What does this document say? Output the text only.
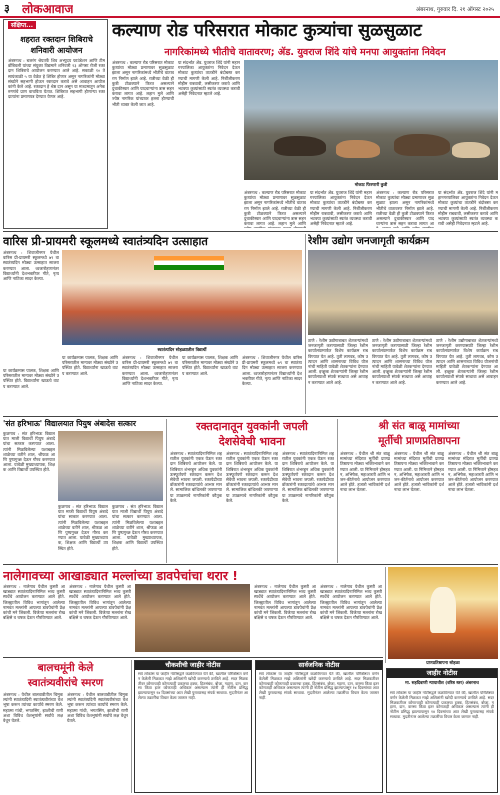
३ लोकआवाज	अंबरनाथ, गुरुवार दि. २१ ऑगस्ट २०२५
संक्षिप्त...
शहरात रक्तदान शिबिराचे
शनिवारी आयोजन
अंबरनाथ : बजरंग श्रेयतर्फे शिव अभ्युदय फाउंडेशन आणि टीम डोंबिवली यांच्या संयुक्त विद्यमाने शनिवारी २३ ऑगस्ट रोजी रक्तदान शिबिराचे आयोजन करण्यात आले आहे. सकाळी १० ते सायंकाळी ५ या वेळेत हे शिबिर होणार असून नागरिकांनी मोठ्या संख्येने सहभागी होऊन रक्तदान करावे असे आवाहन आयोजकांनी केले आहे. रक्तदान हे श्रेष्ठ दान असून या माध्यमातून अनेक रुग्णांचे प्राण वाचविता येतात. शिबिरात सहभागी होणाऱ्या रक्तदात्यांना प्रमाणपत्र देण्यात येणार आहे.
कल्याण रोड परिसरात मोकाट कुत्र्यांचा सुळसुळाट
नागरिकांमध्ये भीतीचे वातावरण; ॲड. युवराज शिंदे यांचे मनपा आयुक्तांना निवेदन
अंबरनाथ : कल्याण रोड परिसरात मोकाट कुत्र्यांचा मोठ्या प्रमाणावर सुळसुळाट झाला असून नागरिकांमध्ये भीतीचे वातावरण निर्माण झाले आहे. रात्रीच्या वेळी ही कुत्री टोळक्याने फिरत असल्याने दुचाकीस्वार आणि पादचाऱ्यांना त्रास सहन करावा लागत आहे. लहान मुले आणि ज्येष्ठ नागरिक यांच्यावर हल्ला होण्याची भीती व्यक्त केली जात आहे.
या संदर्भात ॲड. युवराज शिंदे यांनी महानगरपालिका आयुक्तांना निवेदन देऊन मोकाट कुत्र्यांचा तातडीने बंदोबस्त करण्याची मागणी केली आहे. निर्बीजीकरण मोहीम राबवावी, लसीकरण करावे आणि भटक्या कुत्र्यांसाठी स्वतंत्र व्यवस्था करावी असेही निवेदनात म्हटले आहे.
मोकाट फिरणारी कुत्री
अंबरनाथ : कल्याण रोड परिसरात मोकाट कुत्र्यांचा मोठ्या प्रमाणावर सुळसुळाट झाला असून नागरिकांमध्ये भीतीचे वातावरण निर्माण झाले आहे. रात्रीच्या वेळी ही कुत्री टोळक्याने फिरत असल्याने दुचाकीस्वार आणि पादचाऱ्यांना त्रास सहन करावा लागत आहे. लहान मुले आणि
या संदर्भात ॲड. युवराज शिंदे यांनी महानगरपालिका आयुक्तांना निवेदन देऊन मोकाट कुत्र्यांचा तातडीने बंदोबस्त करण्याची मागणी केली आहे. निर्बीजीकरण मोहीम राबवावी, लसीकरण करावे आणि भटक्या कुत्र्यांसाठी स्वतंत्र व्यवस्था करावी असेही निवेदनात म्हटले आहे.
अंबरनाथ : कल्याण रोड परिसरात मोकाट कुत्र्यांचा मोठ्या प्रमाणावर सुळसुळाट झाला असून नागरिकांमध्ये भीतीचे वातावरण निर्माण झाले आहे. रात्रीच्या वेळी ही कुत्री टोळक्याने फिरत असल्याने दुचाकीस्वार आणि पादचाऱ्यांना त्रास सहन करावा लागत आ
या संदर्भात ॲड. युवराज शिंदे यांनी महानगरपालिका आयुक्तांना निवेदन देऊन मोकाट कुत्र्यांचा तातडीने बंदोबस्त करण्याची मागणी केली आहे. निर्बीजीकरण मोहीम राबवावी, लसीकरण करावे आणि भटक्या कुत्र्यांसाठी स्वतंत्र व्यवस्था करावी असेही निवेदनात म्हटले आहे.
वारिस प्री-प्रायमरी स्कूलमध्ये स्वातंत्र्यदिन उत्साहात
अंबरनाथ : शिवाजीनगर येथील वारिस प्री-प्रायमरी स्कूलमध्ये ७९ वा स्वातंत्र्यदिन मोठ्या उत्साहात साजरा करण्यात आला. ध्वजारोहणानंतर विद्यार्थ्यांनी देशभक्तीपर गीते, नृत्य आणि नाटिका सादर केल्या.
स्वातंत्र्यदिन सोहळ्यातील विद्यार्थी
या कार्यक्रमास पालक, शिक्षक आणि परिसरातील मान्यवर मोठ्या संख्येने उपस्थित होते. विद्यार्थ्यांना खाऊचे वाटप करण्यात आले.
अंबरनाथ : शिवाजीनगर येथील वारिस प्री-प्रायमरी स्कूलमध्ये ७९ वा स्वातंत्र्यदिन मोठ्या उत्साहात साजरा करण्यात आला. ध्वजारोहणानंतर विद्यार्थ्यांनी देशभक्तीपर गीते, नृत्य आणि नाटिका सादर केल्या.
या कार्यक्रमास पालक, शिक्षक आणि परिसरातील मान्यवर मोठ्या संख्येने उपस्थित होते. विद्यार्थ्यांना खाऊचे वाटप करण्यात आले.
अंबरनाथ : शिवाजीनगर येथील वारिस प्री-प्रायमरी स्कूलमध्ये ७९ वा स्वातंत्र्यदिन मोठ्या उत्साहात साजरा करण्यात आला. ध्वजारोहणानंतर विद्यार्थ्यांनी देशभक्तीपर गीते, नृत्य आणि नाटिका सादर केल्या.
या कार्यक्रमास पालक, शिक्षक आणि परिसरातील मान्यवर मोठ्या संख्येने उपस्थित होते. विद्यार्थ्यांना खाऊचे वाटप करण्यात आले.
रेशीम उद्योग जनजागृती कार्यक्रम
ठाणे : रेशीम उद्योगाबाबत शेतकऱ्यांमध्ये जनजागृती करण्यासाठी जिल्हा रेशीम कार्यालयामार्फत विशेष कार्यक्रम राबविण्यात येत आहे. तुती लागवड, कोष उत्पादन आणि शासनाच्या विविध योजनांची माहिती यावेळी शेतकऱ्यांना देण्यात आली. इच्छुक शेतकऱ्यांनी जिल्हा रेशीम कार्यालयाशी संपर्क साधावा असे आवाहन करण्यात आले आहे.
ठाणे : रेशीम उद्योगाबाबत शेतकऱ्यांमध्ये जनजागृती करण्यासाठी जिल्हा रेशीम कार्यालयामार्फत विशेष कार्यक्रम राबविण्यात येत आहे. तुती लागवड, कोष उत्पादन आणि शासनाच्या विविध योजनांची माहिती यावेळी शेतकऱ्यांना देण्यात आली. इच्छुक शेतकऱ्यांनी जिल्हा रेशीम कार्यालयाशी संपर्क साधावा असे आवाहन करण्यात आले आहे.
ठाणे : रेशीम उद्योगाबाबत शेतकऱ्यांमध्ये जनजागृती करण्यासाठी जिल्हा रेशीम कार्यालयामार्फत विशेष कार्यक्रम राबविण्यात येत आहे. तुती लागवड, कोष उत्पादन आणि शासनाच्या विविध योजनांची माहिती यावेळी शेतकऱ्यांना देण्यात आली. इच्छुक शेतकऱ्यांनी जिल्हा रेशीम कार्यालयाशी संपर्क साधावा असे आवाहन करण्यात आले आहे.
'संत हरिभाऊ' विद्यालयात पियुष अंबादेस सत्कार
कुळगाव : संत हरिभाऊ विद्यालयात माजी विद्यार्थी पियुष अंबादे यांचा सत्कार करण्यात आला. त्यांनी मिळविलेल्या यशाबद्दल शाळेच्या वतीने शाल, श्रीफळ आणि पुष्पगुच्छ देऊन गौरव करण्यात आला. यावेळी मुख्याध्यापक, शिक्षक आणि विद्यार्थी उपस्थित होते.
कुळगाव : संत हरिभाऊ विद्यालयात माजी विद्यार्थी पियुष अंबादे यांचा सत्कार करण्यात आला. त्यांनी मिळविलेल्या यशाबद्दल शाळेच्या वतीने शाल, श्रीफळ आणि पुष्पगुच्छ देऊन गौरव करण्यात आला. यावेळी मुख्याध्यापक, शिक्षक आणि विद्यार्थी उपस्थित होते.
कुळगाव : संत हरिभाऊ विद्यालयात माजी विद्यार्थी पियुष अंबादे यांचा सत्कार करण्यात आला. त्यांनी मिळविलेल्या यशाबद्दल शाळेच्या वतीने शाल, श्रीफळ आणि पुष्पगुच्छ देऊन गौरव करण्यात आला. यावेळी मुख्याध्यापक, शिक्षक आणि विद्यार्थी उपस्थित होते.
रक्तदानातून युवकांनी जपली
देशसेवेची भावना
अंबरनाथ : स्वातंत्र्यदिनानिमित्त शहरातील युवकांनी एकत्र येऊन रक्तदान शिबिराचे आयोजन केले. या शिबिरात शंभरहून अधिक युवकांनी उत्स्फूर्तपणे रक्तदान करून देशसेवेची भावना जपली. रक्तपेढीच्या डॉक्टरांनी रक्तदात्यांचे आभार मानले. सामाजिक बांधिलकी जपणाऱ्या या उपक्रमाचे नागरिकांनी कौतुक केले.
अंबरनाथ : स्वातंत्र्यदिनानिमित्त शहरातील युवकांनी एकत्र येऊन रक्तदान शिबिराचे आयोजन केले. या शिबिरात शंभरहून अधिक युवकांनी उत्स्फूर्तपणे रक्तदान करून देशसेवेची भावना जपली. रक्तपेढीच्या डॉक्टरांनी रक्तदात्यांचे आभार मानले. सामाजिक बांधिलकी जपणाऱ्या या उपक्रमाचे नागरिकांनी कौतुक केले.
अंबरनाथ : स्वातंत्र्यदिनानिमित्त शहरातील युवकांनी एकत्र येऊन रक्तदान शिबिराचे आयोजन केले. या शिबिरात शंभरहून अधिक युवकांनी उत्स्फूर्तपणे रक्तदान करून देशसेवेची भावना जपली. रक्तपेढीच्या डॉक्टरांनी रक्तदात्यांचे आभार मानले. सामाजिक बांधिलकी जपणाऱ्या या उपक्रमाचे नागरिकांनी कौतुक केले.
श्री संत बाळू मामांच्या
मूर्तीची प्राणप्रतिष्ठापना
अंबरनाथ : येथील श्री संत बाळू मामांच्या मंदिरात मूर्तीची प्राणप्रतिष्ठापना मोठ्या भक्तिभावाने करण्यात आली. या निमित्ताने होमहवन, अभिषेक, महाआरती आणि भजन-कीर्तनाचे आयोजन करण्यात आले होते. हजारो भाविकांनी दर्शनाचा लाभ घेतला.
अंबरनाथ : येथील श्री संत बाळू मामांच्या मंदिरात मूर्तीची प्राणप्रतिष्ठापना मोठ्या भक्तिभावाने करण्यात आली. या निमित्ताने होमहवन, अभिषेक, महाआरती आणि भजन-कीर्तनाचे आयोजन करण्यात आले होते. हजारो भाविकांनी दर्शनाचा लाभ घेतला.
अंबरनाथ : येथील श्री संत बाळू मामांच्या मंदिरात मूर्तीची प्राणप्रतिष्ठापना मोठ्या भक्तिभावाने करण्यात आली. या निमित्ताने होमहवन, अभिषेक, महाआरती आणि भजन-कीर्तनाचे आयोजन करण्यात आले होते. हजारो भाविकांनी दर्शनाचा लाभ घेतला.
नालेगावच्या आखाड्यात मल्लांच्या डावपेचांचा थरार !
अंबरनाथ : नालेगाव येथील कुस्ती आखाड्यात स्वातंत्र्यदिनानिमित्त भव्य कुस्ती स्पर्धेचे आयोजन करण्यात आले होते. जिल्ह्यातील विविध भागांतून आलेल्या नामवंत मल्लांनी आपल्या डावपेचांनी प्रेक्षकांची मने जिंकली. विजेत्या मल्लांना रोख बक्षिसे व चषक देऊन गौरविण्यात आले.
अंबरनाथ : नालेगाव येथील कुस्ती आखाड्यात स्वातंत्र्यदिनानिमित्त भव्य कुस्ती स्पर्धेचे आयोजन करण्यात आले होते. जिल्ह्यातील विविध भागांतून आलेल्या नामवंत मल्लांनी आपल्या डावपेचांनी प्रेक्षकांची मने जिंकली. विजेत्या मल्लांना रोख बक्षिसे व चषक देऊन गौरविण्यात आले.
अंबरनाथ : नालेगाव येथील कुस्ती आखाड्यात स्वातंत्र्यदिनानिमित्त भव्य कुस्ती स्पर्धेचे आयोजन करण्यात आले होते. जिल्ह्यातील विविध भागांतून आलेल्या नामवंत मल्लांनी आपल्या डावपेचांनी प्रेक्षकांची मने जिंकली. विजेत्या मल्लांना रोख बक्षिसे व चषक देऊन गौरविण्यात आले.
अंबरनाथ : नालेगाव येथील कुस्ती आखाड्यात स्वातंत्र्यदिनानिमित्त भव्य कुस्ती स्पर्धेचे आयोजन करण्यात आले होते. जिल्ह्यातील विविध भागांतून आलेल्या नामवंत मल्लांनी आपल्या डावपेचांनी प्रेक्षकांची मने जिंकली. विजेत्या मल्लांना रोख बक्षिसे व चषक देऊन गौरविण्यात आले.
प्राणप्रतिष्ठापना सोहळा
बालचमूंनी केले
स्वातंत्र्यवीरांचे स्मरण
अंबरनाथ : येथील बालवाडीतील चिमुकल्यांनी स्वातंत्र्यदिनी स्वातंत्र्यवीरांच्या वेशभूषा करून त्यांच्या कार्याचे स्मरण केले. महात्मा गांधी, भगतसिंग, झाशीची राणी अशा विविध वेशभूषांनी सर्वांचे लक्ष वेधून घेतले.
अंबरनाथ : येथील बालवाडीतील चिमुकल्यांनी स्वातंत्र्यदिनी स्वातंत्र्यवीरांच्या वेशभूषा करून त्यांच्या कार्याचे स्मरण केले. महात्मा गांधी, भगतसिंग, झाशीची राणी अशा विविध वेशभूषांनी सर्वांचे लक्ष वेधून घेतले.
चौकशीची जाहीर नोटीस
सर्व लोकांस या जाहीर नोटीसद्वारे कळविण्यात येते की, खालील परिशिष्टात वर्णन केलेली मिळकत माझे अशिलांनी खरेदी करण्याचे ठरविले आहे. सदर मिळकतीवर कोणाचाही कोणत्याही प्रकारचा हक्क, हितसंबंध, बोजा, गहाण, दान, वारसा किंवा इतर कोणताही अधिकार असल्यास त्यांनी ही नोटीस प्रसिद्ध झाल्यापासून १४ दिवसांच्या आत लेखी पुराव्यासह संपर्क साधावा. मुदतीनंतर आलेल्या तक्रारींचा विचार केला जाणार नाही.
सार्वजनिक नोटीस
सर्व लोकांस या जाहीर नोटीसद्वारे कळविण्यात येते की, खालील परिशिष्टात वर्णन केलेली मिळकत माझे अशिलांनी खरेदी करण्याचे ठरविले आहे. सदर मिळकतीवर कोणाचाही कोणत्याही प्रकारचा हक्क, हितसंबंध, बोजा, गहाण, दान, वारसा किंवा इतर कोणताही अधिकार असल्यास त्यांनी ही नोटीस प्रसिद्ध झाल्यापासून १४ दिवसांच्या आत लेखी पुराव्यासह संपर्क साधावा. मुदतीनंतर आलेल्या तक्रारींचा विचार केला जाणार नाही.
जाहीर नोटीस
मा. सहदिवाणी न्यायाधीश (वरिष्ठ स्तर) अंबरनाथ
सर्व लोकांस या जाहीर नोटीसद्वारे कळविण्यात येते की, खालील परिशिष्टात वर्णन केलेली मिळकत माझे अशिलांनी खरेदी करण्याचे ठरविले आहे. सदर मिळकतीवर कोणाचाही कोणत्याही प्रकारचा हक्क, हितसंबंध, बोजा, गहाण, दान, वारसा किंवा इतर कोणताही अधिकार असल्यास त्यांनी ही नोटीस प्रसिद्ध झाल्यापासून १४ दिवसांच्या आत लेखी पुराव्यासह संपर्क साधावा. मुदतीनंतर आलेल्या तक्रारींचा विचार केला जाणार नाही.
